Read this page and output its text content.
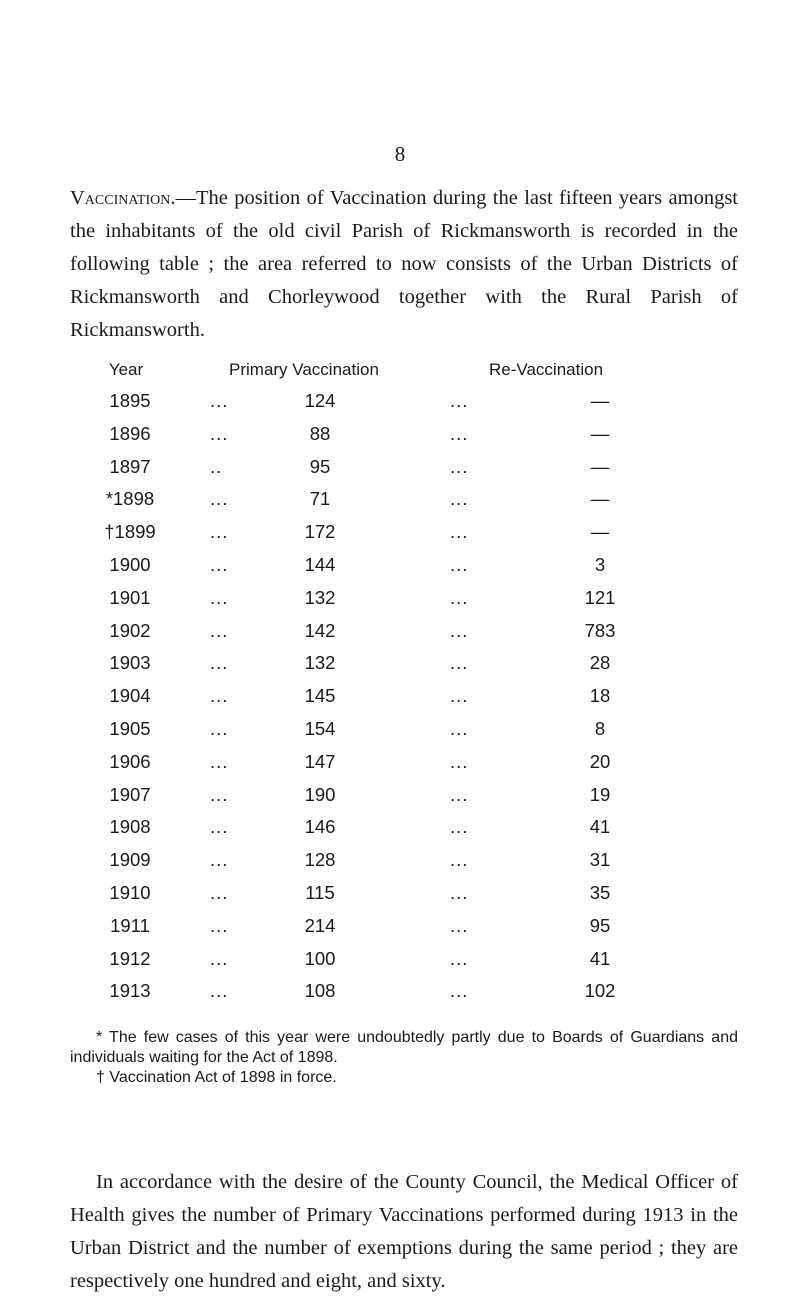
8

Vaccination.—The position of Vaccination during the last fifteen years amongst the inhabitants of the old civil Parish of Rickmansworth is recorded in the following table ; the area referred to now consists of the Urban Districts of Rickmansworth and Chorleywood together with the Rural Parish of Rickmansworth.

Year	Primary Vaccination	Re-Vaccination
1895	...	124	...	—
1896	...	88	...	—
1897	..	95	...	—
*1898	...	71	...	—
†1899	...	172	...	—
1900	...	144	...	3
1901	...	132	...	121
1902	...	142	...	783
1903	...	132	...	28
1904	...	145	...	18
1905	...	154	...	8
1906	...	147	...	20
1907	...	190	...	19
1908	...	146	...	41
1909	...	128	...	31
1910	...	115	...	35
1911	...	214	...	95
1912	...	100	...	41
1913	...	108	...	102
* The few cases of this year were undoubtedly partly due to Boards of Guardians and individuals waiting for the Act of 1898.
† Vaccination Act of 1898 in force.

In accordance with the desire of the County Council, the Medical Officer of Health gives the number of Primary Vaccinations performed during 1913 in the Urban District and the number of exemptions during the same period ; they are respectively one hundred and eight, and sixty.
